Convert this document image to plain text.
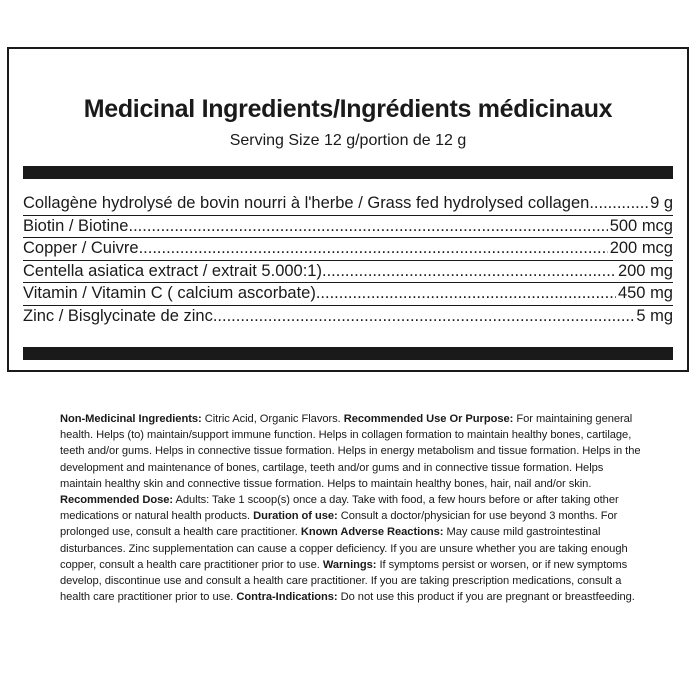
Medicinal Ingredients/Ingrédients médicinaux
Serving Size 12 g/portion de 12 g
Collagène hydrolysé de bovin nourri à l'herbe / Grass fed hydrolysed collagen .....	9 g
Biotin / Biotine .....	500 mcg
Copper / Cuivre .....	200 mcg
Centella asiatica extract / extrait 5.000:1) .....	200 mg
Vitamin / Vitamin C ( calcium ascorbate) .....	450 mg
Zinc / Bisglycinate de zinc .....	5 mg
Non-Medicinal Ingredients: Citric Acid, Organic Flavors. Recommended Use Or Purpose: For maintaining general health. Helps (to) maintain/support immune function. Helps in collagen formation to maintain healthy bones, cartilage, teeth and/or gums. Helps in connective tissue formation. Helps in energy metabolism and tissue formation. Helps in the development and maintenance of bones, cartilage, teeth and/or gums and in connective tissue formation. Helps maintain healthy skin and connective tissue formation. Helps to maintain healthy bones, hair, nail and/or skin. Recommended Dose: Adults: Take 1 scoop(s) once a day. Take with food, a few hours before or after taking other medications or natural health products. Duration of use: Consult a doctor/physician for use beyond 3 months. For prolonged use, consult a health care practitioner. Known Adverse Reactions: May cause mild gastrointestinal disturbances. Zinc supplementation can cause a copper deficiency. If you are unsure whether you are taking enough copper, consult a health care practitioner prior to use. Warnings: If symptoms persist or worsen, or if new symptoms develop, discontinue use and consult a health care practitioner. If you are taking prescription medications, consult a health care practitioner prior to use. Contra-Indications: Do not use this product if you are pregnant or breastfeeding.
